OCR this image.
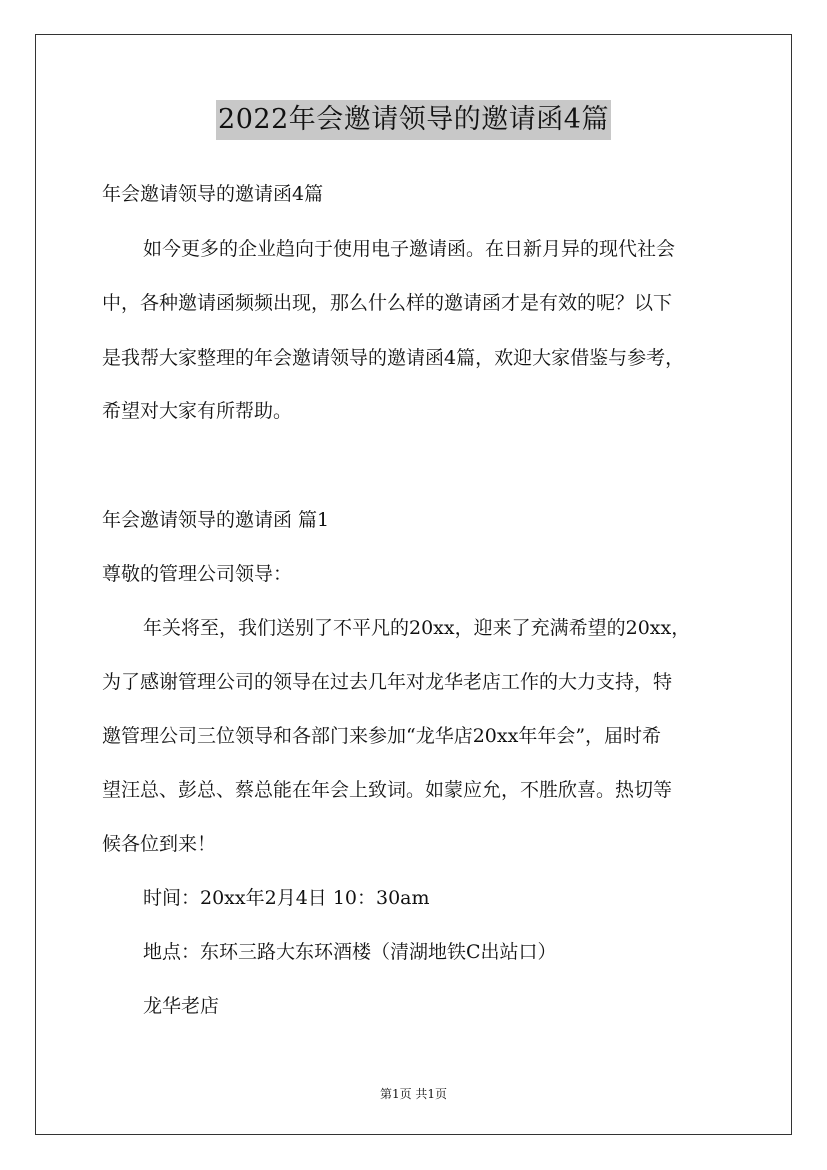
2022年会邀请领导的邀请函4篇
年会邀请领导的邀请函4篇
如今更多的企业趋向于使用电子邀请函。在日新月异的现代社会
中，各种邀请函频频出现，那么什么样的邀请函才是有效的呢？以下
是我帮大家整理的年会邀请领导的邀请函4篇，欢迎大家借鉴与参考，
希望对大家有所帮助。
年会邀请领导的邀请函 篇1
尊敬的管理公司领导：
年关将至，我们送别了不平凡的20xx，迎来了充满希望的20xx，
为了感谢管理公司的领导在过去几年对龙华老店工作的大力支持，特
邀管理公司三位领导和各部门来参加“龙华店20xx年年会”，届时希
望汪总、彭总、蔡总能在年会上致词。如蒙应允，不胜欣喜。热切等
候各位到来！
时间：20xx年2月4日 10：30am
地点：东环三路大东环酒楼（清湖地铁C出站口）
龙华老店
第1页 共1页
